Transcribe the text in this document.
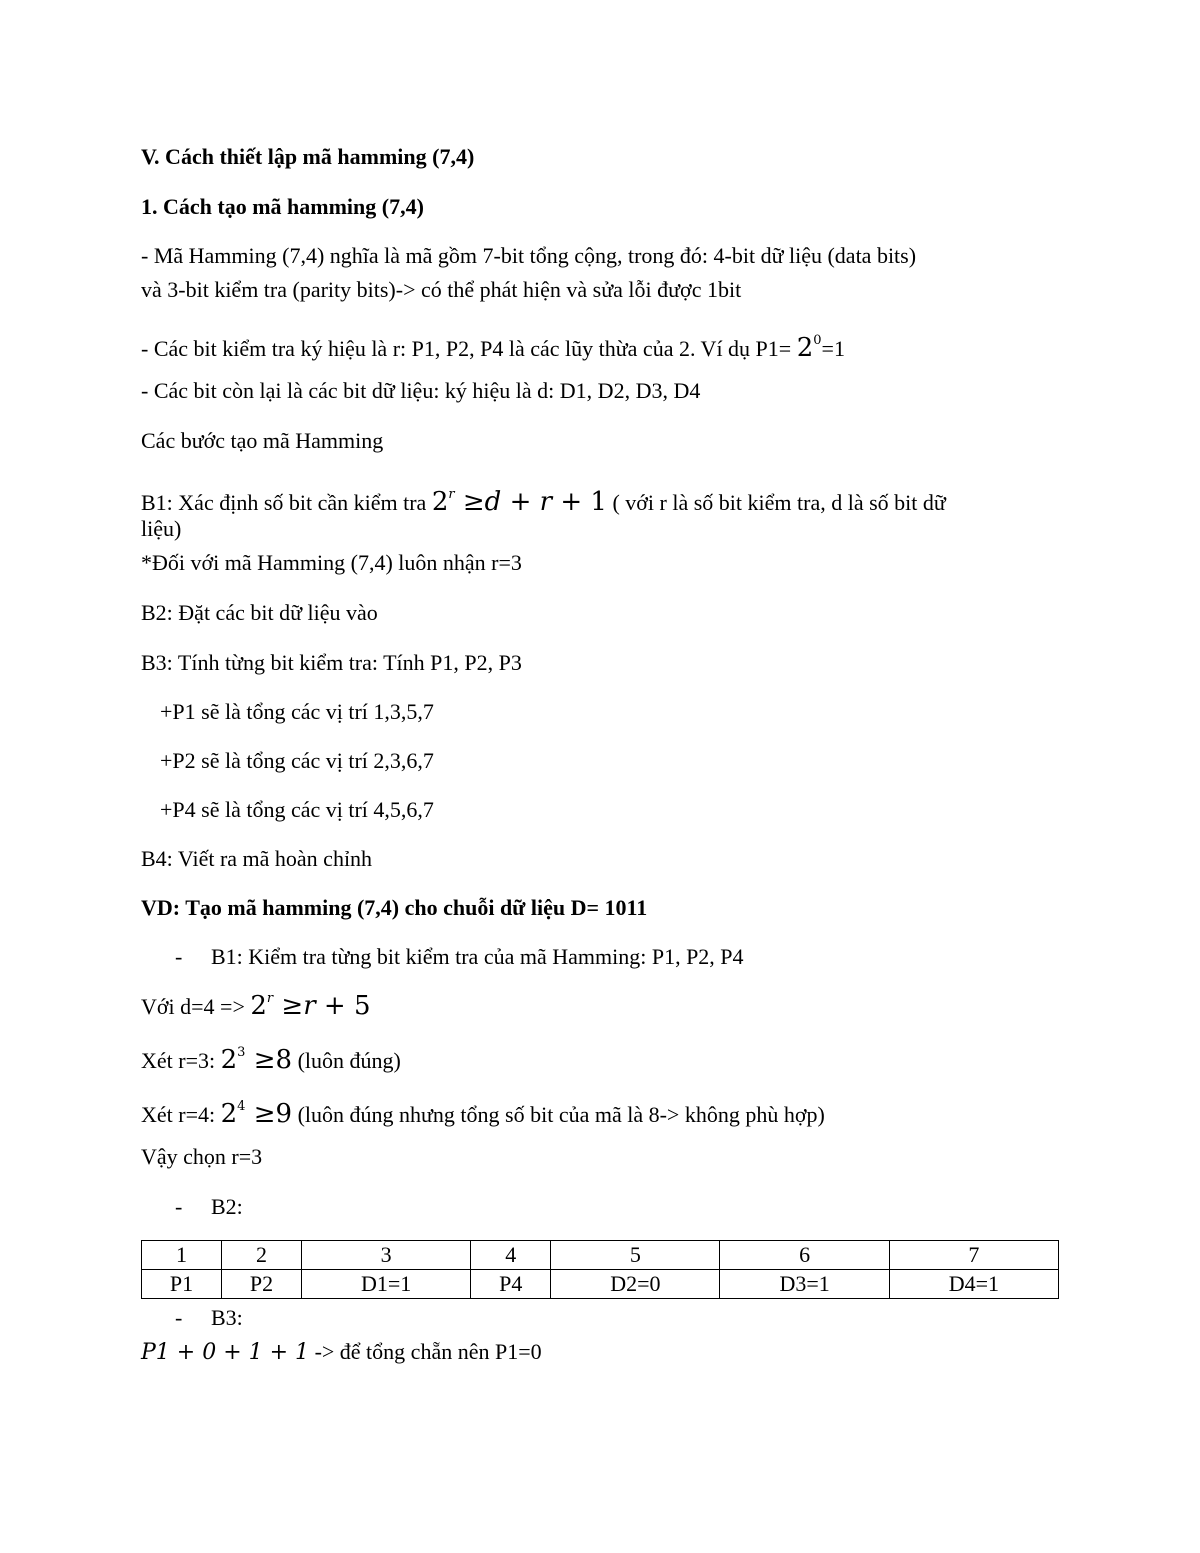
V. Cách thiết lập mã hamming (7,4)
1. Cách tạo mã hamming (7,4)
- Mã Hamming (7,4) nghĩa là mã gồm 7-bit tổng cộng, trong đó: 4-bit dữ liệu (data bits)
và 3-bit kiểm tra (parity bits)-> có thể phát hiện và sửa lỗi được 1bit
- Các bit kiểm tra ký hiệu là r: P1, P2, P4 là các lũy thừa của 2. Ví dụ $P1= 2^0=1$
- Các bit còn lại là các bit dữ liệu: ký hiệu là d: D1, D2, D3, D4
Các bước tạo mã Hamming
B1: Xác định số bit cần kiểm tra $2^r \ge d + r + 1$ ( với r là số bit kiểm tra, d là số bit dữ
liệu)
*Đối với mã Hamming (7,4) luôn nhận r=3
B2: Đặt các bit dữ liệu vào
B3: Tính từng bit kiểm tra: Tính P1, P2, P3
+P1 sẽ là tổng các vị trí 1,3,5,7
+P2 sẽ là tổng các vị trí 2,3,6,7
+P4 sẽ là tổng các vị trí 4,5,6,7
B4: Viết ra mã hoàn chỉnh
VD: Tạo mã hamming (7,4) cho chuỗi dữ liệu D= 1011
- B1: Kiểm tra từng bit kiểm tra của mã Hamming: P1, P2, P4
Với $d=4 => 2^r \ge r + 5$
Xét r=3: $2^3 \ge 8$ (luôn đúng)
Xét r=4: $2^4 \ge 9$ (luôn đúng nhưng tổng số bit của mã là 8-> không phù hợp)
Vậy chọn r=3
- B2:
1	2	3	4	5	6	7
P1	P2	D1=1	P4	D2=0	D3=1	D4=1
- B3:
P1 + 0 + 1 + 1 -> để tổng chẵn nên P1=0
